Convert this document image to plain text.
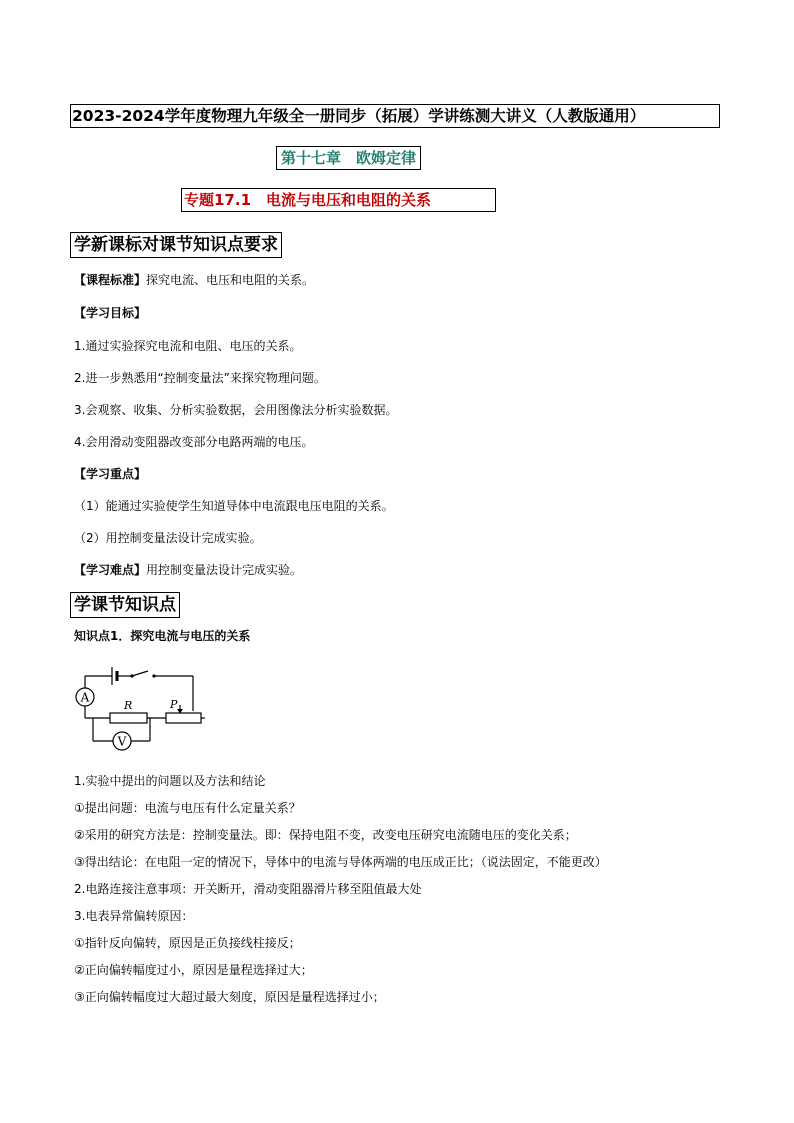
2023-2024学年度物理九年级全一册同步（拓展）学讲练测大讲义（人教版通用）
第十七章　欧姆定律
专题17.1　电流与电压和电阻的关系
学新课标对课节知识点要求
【课程标准】探究电流、电压和电阻的关系。
【学习目标】
1.通过实验探究电流和电阻、电压的关系。
2.进一步熟悉用“控制变量法”来探究物理问题。
3.会观察、收集、分析实验数据，会用图像法分析实验数据。
4.会用滑动变阻器改变部分电路两端的电压。
【学习重点】
（1）能通过实验使学生知道导体中电流跟电压电阻的关系。
（2）用控制变量法设计完成实验。
【学习难点】用控制变量法设计完成实验。
学课节知识点
知识点1．探究电流与电压的关系
A
R	P
V
1.实验中提出的问题以及方法和结论
①提出问题：电流与电压有什么定量关系？
②采用的研究方法是：控制变量法。即：保持电阻不变，改变电压研究电流随电压的变化关系；
③得出结论：在电阻一定的情况下，导体中的电流与导体两端的电压成正比；（说法固定，不能更改）
2.电路连接注意事项：开关断开，滑动变阻器滑片移至阻值最大处
3.电表异常偏转原因：
①指针反向偏转，原因是正负接线柱接反；
②正向偏转幅度过小，原因是量程选择过大；
③正向偏转幅度过大超过最大刻度，原因是量程选择过小；
